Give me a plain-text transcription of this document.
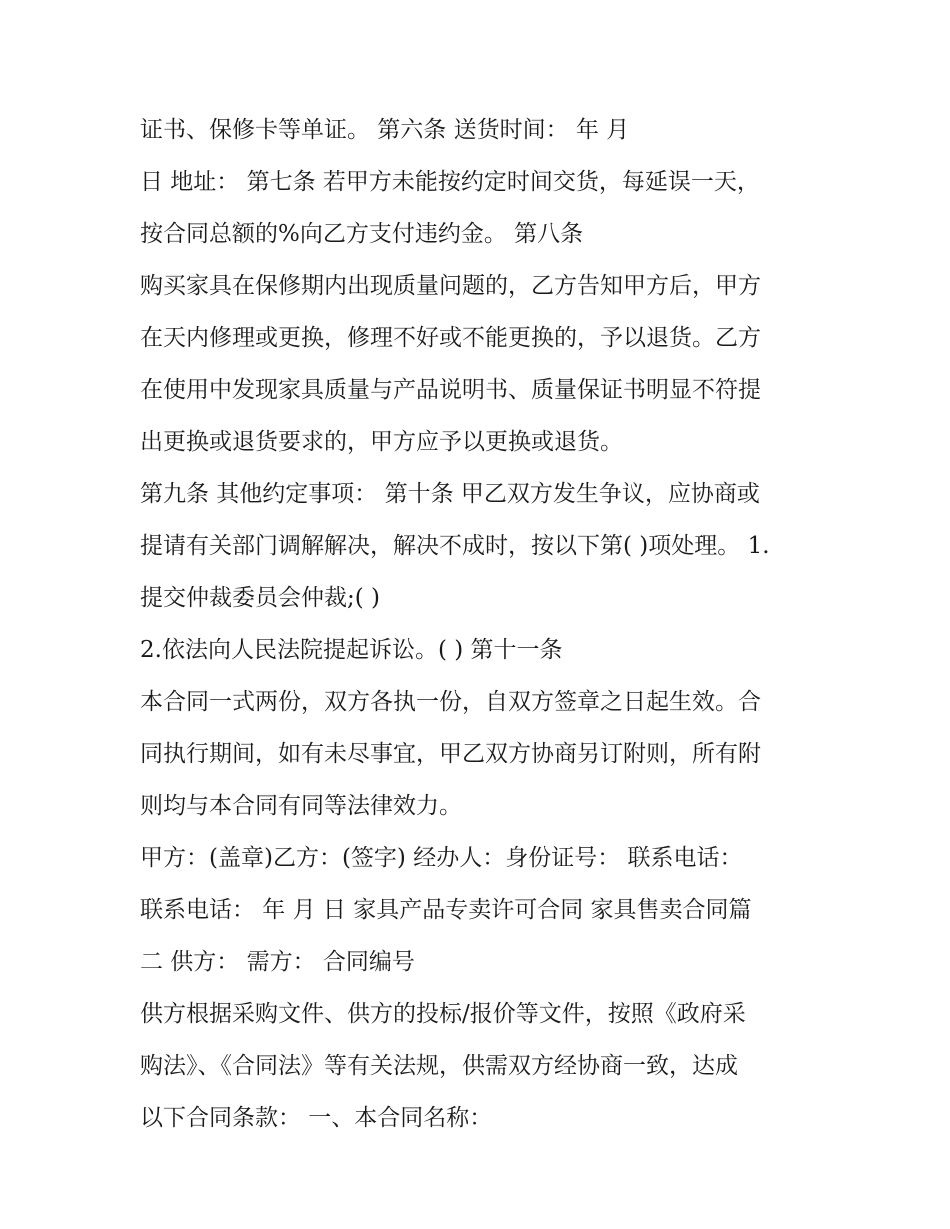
证书、保修卡等单证。 第六条 送货时间： 年 月
日 地址： 第七条 若甲方未能按约定时间交货，每延误一天，
按合同总额的%向乙方支付违约金。 第八条
购买家具在保修期内出现质量问题的，乙方告知甲方后，甲方
在天内修理或更换，修理不好或不能更换的，予以退货。乙方
在使用中发现家具质量与产品说明书、质量保证书明显不符提
出更换或退货要求的，甲方应予以更换或退货。
第九条 其他约定事项： 第十条 甲乙双方发生争议，应协商或
提请有关部门调解解决，解决不成时，按以下第( )项处理。 1.
提交仲裁委员会仲裁;( )
2.依法向人民法院提起诉讼。( ) 第十一条
本合同一式两份，双方各执一份，自双方签章之日起生效。合
同执行期间，如有未尽事宜，甲乙双方协商另订附则，所有附
则均与本合同有同等法律效力。
甲方：(盖章)乙方：(签字) 经办人：身份证号： 联系电话：
联系电话： 年 月 日 家具产品专卖许可合同 家具售卖合同篇
二 供方： 需方： 合同编号
供方根据采购文件、供方的投标/报价等文件，按照《政府采
购法》、《合同法》等有关法规，供需双方经协商一致，达成
以下合同条款： 一、本合同名称：
